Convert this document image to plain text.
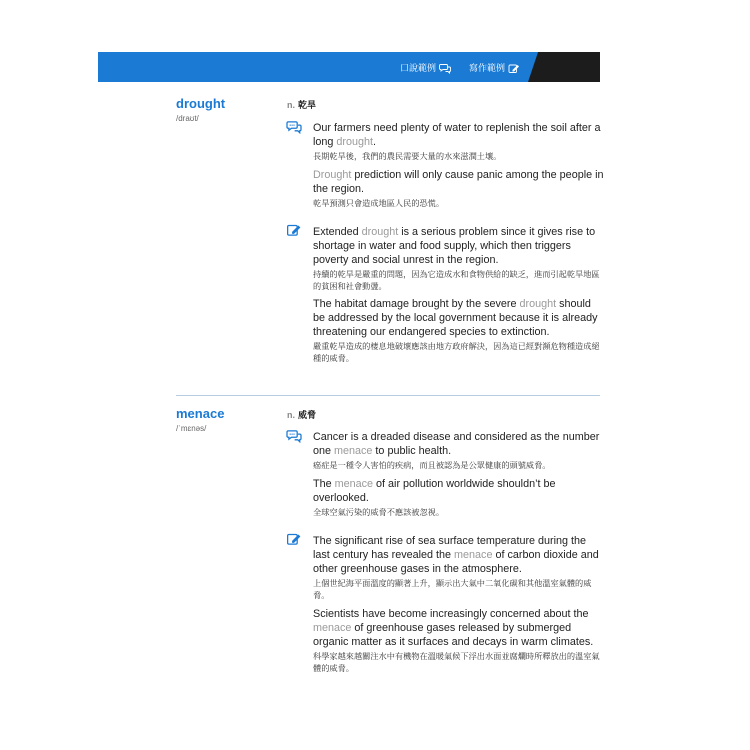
口說範例	寫作範例
drought
/draʊt/
n. 乾旱

Our farmers need plenty of water to replenish the soil after a long drought.

長期乾旱後，我們的農民需要大量的水來滋潤土壤。

Drought prediction will only cause panic among the people in the region.

乾旱預測只會造成地區人民的恐慌。

Extended drought is a serious problem since it gives rise to shortage in water and food supply, which then triggers poverty and social unrest in the region.

持續的乾旱是嚴重的問題，因為它造成水和食物供給的缺乏，進而引起乾旱地區的貧困和社會動盪。

The habitat damage brought by the severe drought should be addressed by the local government because it is already threatening our endangered species to extinction.

嚴重乾旱造成的棲息地破壞應該由地方政府解決，因為這已經對瀕危物種造成絕種的威脅。
menace
/ˈmɛnəs/
n. 威脅

Cancer is a dreaded disease and considered as the number one menace to public health.

癌症是一種令人害怕的疾病，而且被認為是公眾健康的頭號威脅。

The menace of air pollution worldwide shouldn’t be overlooked.

全球空氣污染的威脅不應該被忽視。

The significant rise of sea surface temperature during the last century has revealed the menace of carbon dioxide and other greenhouse gases in the atmosphere.

上個世紀海平面溫度的顯著上升，顯示出大氣中二氧化碳和其他溫室氣體的威脅。

Scientists have become increasingly concerned about the menace of greenhouse gases released by submerged organic matter as it surfaces and decays in warm climates.

科學家越來越關注水中有機物在溫暖氣候下浮出水面並腐爛時所釋放出的溫室氣體的威脅。
